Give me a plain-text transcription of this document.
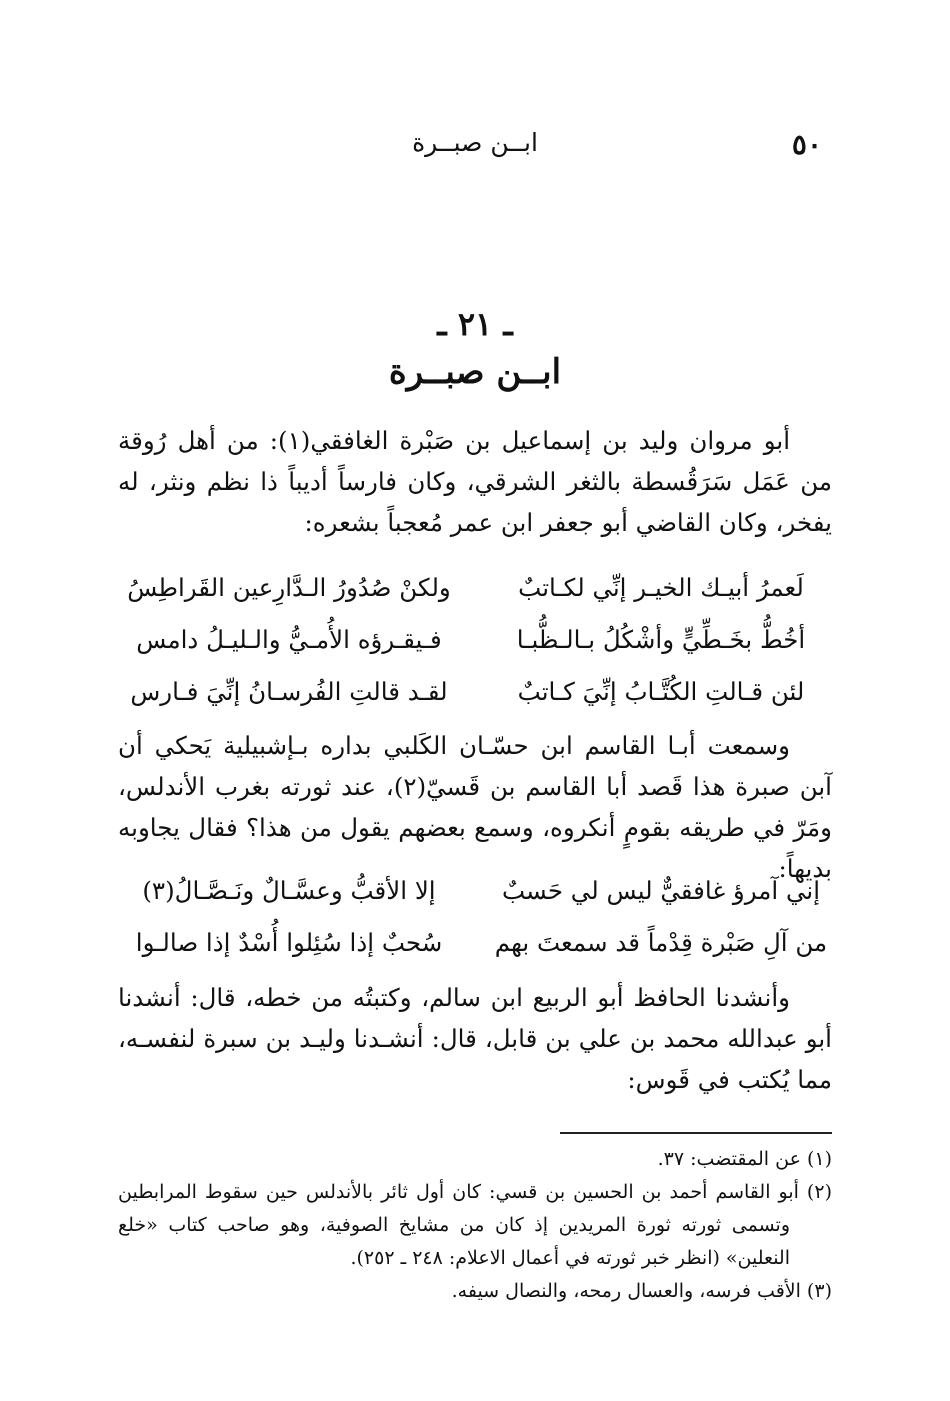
٥٠
ابــن صبــرة
ـ ٢١ ـ
ابــن صبــرة

أبو مروان وليد بن إسماعيل بن صَبْرة الغافقي(١): من أهل رُوقة من عَمَل سَرَقُسطة بالثغر الشرقي، وكان فارساً أديباً ذا نظم ونثر، له يفخر، وكان القاضي أبو جعفر ابن عمر مُعجباً بشعره:

لَعمرُ أبيـك الخيـر إنِّي لكـاتبٌ
ولكنْ صُدُورُ الـدَّارِعين القَراطِسُ
أخُطُّ بخَـطِّيٍّ وأشْكُلُ بـالـظُّبـا
فـيقـرؤه الأُمـيُّ والـليـلُ دامس
لئن قـالتِ الكُتَّـابُ إنِّيَ كـاتبٌ
لقـد قالتِ الفُرسـانُ إنِّيَ فـارس

وسمعت أبـا القاسم ابن حسّـان الكَلبي بداره بـإشبيلية يَحكي أن آبن صبرة هذا قَصد أبا القاسم بن قَسيّ(٢)، عند ثورته بغرب الأندلس، ومَرّ في طريقه بقومٍ أنكروه، وسمع بعضهم يقول من هذا؟ فقال يجاوبه بديهاً:

إني آمرؤ غافقيٌّ ليس لي حَسبٌ
إلا الأقبُّ وعسَّـالٌ ونَـصَّـالُ(٣)
من آلِ صَبْرة قِدْماً قد سمعتَ بهم
سُحبٌ إذا سُئِلوا أُسْدٌ إذا صالـوا

وأنشدنا الحافظ أبو الربيع ابن سالم، وكتبتُه من خطه، قال: أنشدنا أبو عبدالله محمد بن علي بن قابل، قال: أنشـدنا وليـد بن سبرة لنفسـه، مما يُكتب في قَوس:

(١) عن المقتضب: ٣٧.

(٢) أبو القاسم أحمد بن الحسين بن قسي: كان أول ثائر بالأندلس حين سقوط المرابطين وتسمى ثورته ثورة المريدين إذ كان من مشايخ الصوفية، وهو صاحب كتاب «خلع النعلين» (انظر خبر ثورته في أعمال الاعلام: ٢٤٨ ـ ٢٥٢).

(٣) الأقب فرسه، والعسال رمحه، والنصال سيفه.
